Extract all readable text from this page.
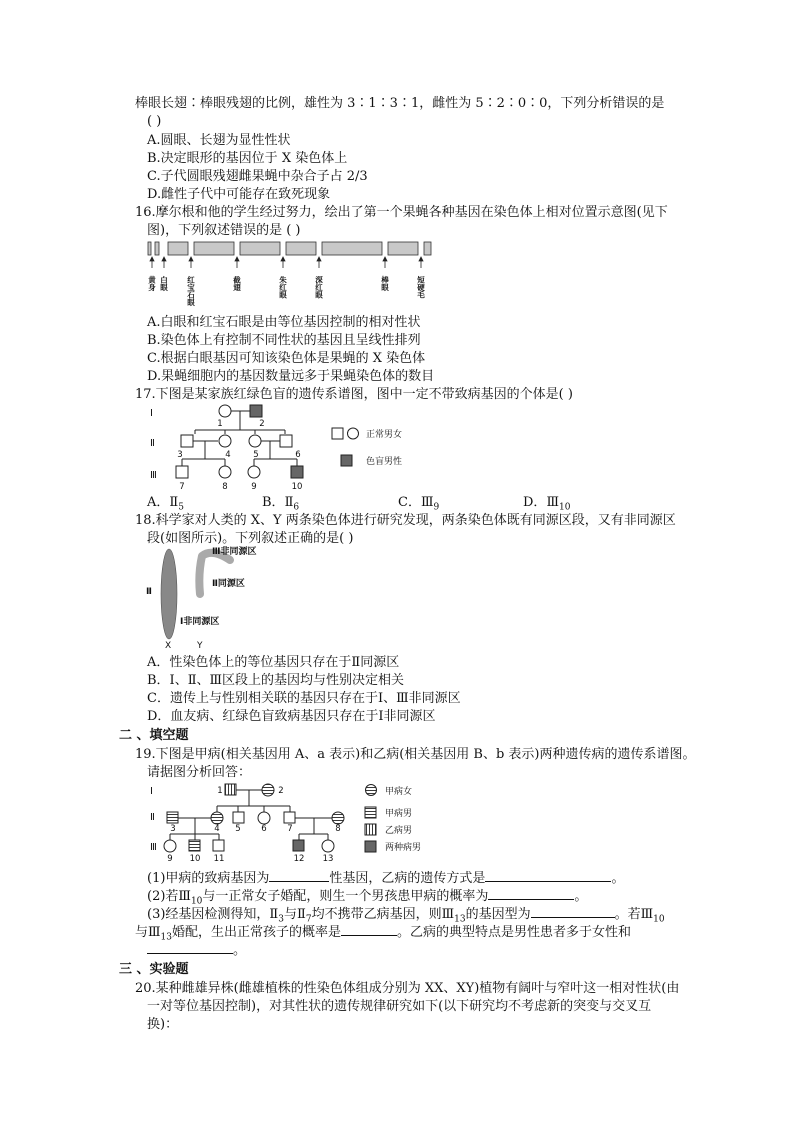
棒眼长翅∶棒眼残翅的比例，雄性为 3∶1∶3∶1，雌性为 5∶2∶0∶0，下列分析错误的是
( )
A.圆眼、长翅为显性性状
B.决定眼形的基因位于 X 染色体上
C.子代圆眼残翅雌果蝇中杂合子占 2/3
D.雌性子代中可能存在致死现象
16.摩尔根和他的学生经过努力，绘出了第一个果蝇各种基因在染色体上相对位置示意图(见下
图)，下列叙述错误的是 ( )
黄身 白眼 红宝石眼	截翅	朱红眼	深红眼	棒眼	短硬毛
A.白眼和红宝石眼是由等位基因控制的相对性状
B.染色体上有控制不同性状的基因且呈线性排列
C.根据白眼基因可知该染色体是果蝇的 X 染色体
D.果蝇细胞内的基因数量远多于果蝇染色体的数目
17.下图是某家族红绿色盲的遗传系谱图，图中一定不带致病基因的个体是( )
Ⅰ
Ⅱ
Ⅲ
1	2
3	4	5	6
7	8	9	10
正常男女
色盲男性
A．$Ⅱ_5$	B．$Ⅱ_6$	C．$Ⅲ_9$	D．$Ⅲ_{10}$
18.科学家对人类的 X、Y 两条染色体进行研究发现，两条染色体既有同源区段，又有非同源区
段(如图所示)。下列叙述正确的是( )
Ⅲ非同源区
Ⅱ同源区
Ⅱ
Ⅰ非同源区
X	Y
A．性染色体上的等位基因只存在于Ⅱ同源区
B．Ⅰ、Ⅱ、Ⅲ区段上的基因均与性别决定相关
C．遗传上与性别相关联的基因只存在于Ⅰ、Ⅲ非同源区
D．血友病、红绿色盲致病基因只存在于Ⅰ非同源区
二 、填空题
19.下图是甲病(相关基因用 A、a 表示)和乙病(相关基因用 B、b 表示)两种遗传病的遗传系谱图。
请据图分析回答：
Ⅰ
Ⅱ
Ⅲ
1	2
3	4 5 6 7	8
9 10 11	12 13
甲病女
甲病男
乙病男
两种病男
(1)甲病的致病基因为	性基因，乙病的遗传方式是	。
(2)若$Ⅲ_{10}$与一正常女子婚配，则生一个男孩患甲病的概率为	。
(3)经基因检测得知，$Ⅱ_3$与$Ⅱ_7$均不携带乙病基因，则$Ⅲ_{13}$的基因型为	。若$Ⅲ_{10}$
与$Ⅲ_{13}$婚配，生出正常孩子的概率是	。乙病的典型特点是男性患者多于女性和
。
三 、实验题
20.某种雌雄异株(雌雄植株的性染色体组成分别为 XX、XY)植物有阔叶与窄叶这一相对性状(由
一对等位基因控制)，对其性状的遗传规律研究如下(以下研究均不考虑新的突变与交叉互
换)：
